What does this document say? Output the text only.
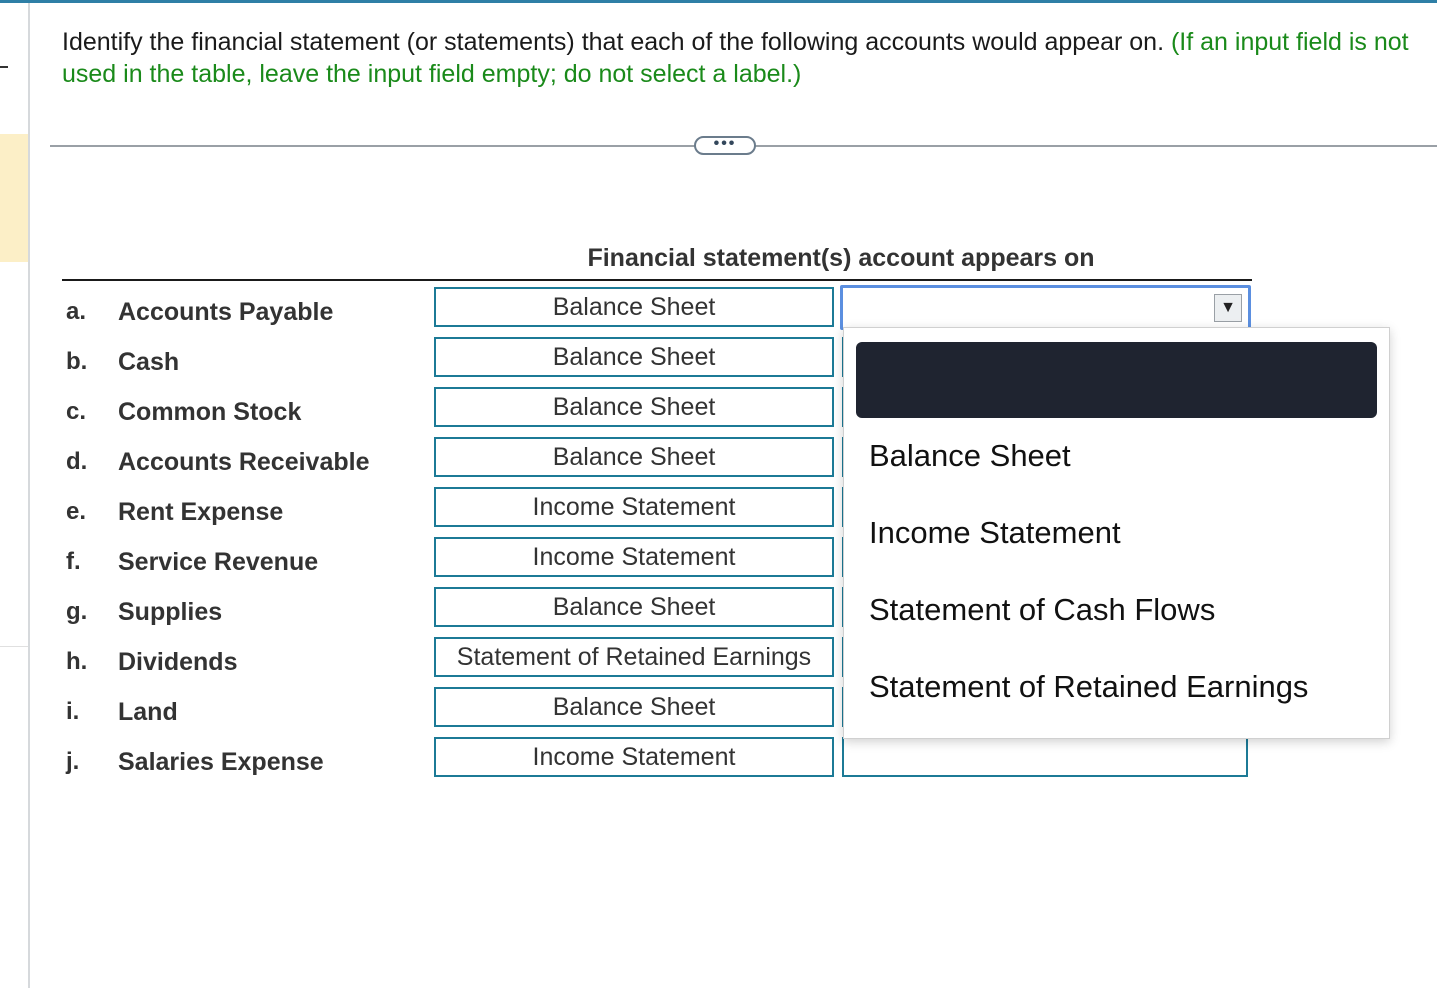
Identify the financial statement (or statements) that each of the following accounts would appear on. (If an input field is not used in the table, leave the input field empty; do not select a label.)
•••
Financial statement(s) account appears on
a.
b.
c.
d.
e.
f.
g.
h.
i.
j.
Accounts Payable
Cash
Common Stock
Accounts Receivable
Rent Expense
Service Revenue
Supplies
Dividends
Land
Salaries Expense
Balance Sheet
Balance Sheet
Balance Sheet
Balance Sheet
Income Statement
Income Statement
Balance Sheet
Statement of Retained Earnings
Balance Sheet
Income Statement
▼
Balance Sheet
Income Statement
Statement of Cash Flows
Statement of Retained Earnings
